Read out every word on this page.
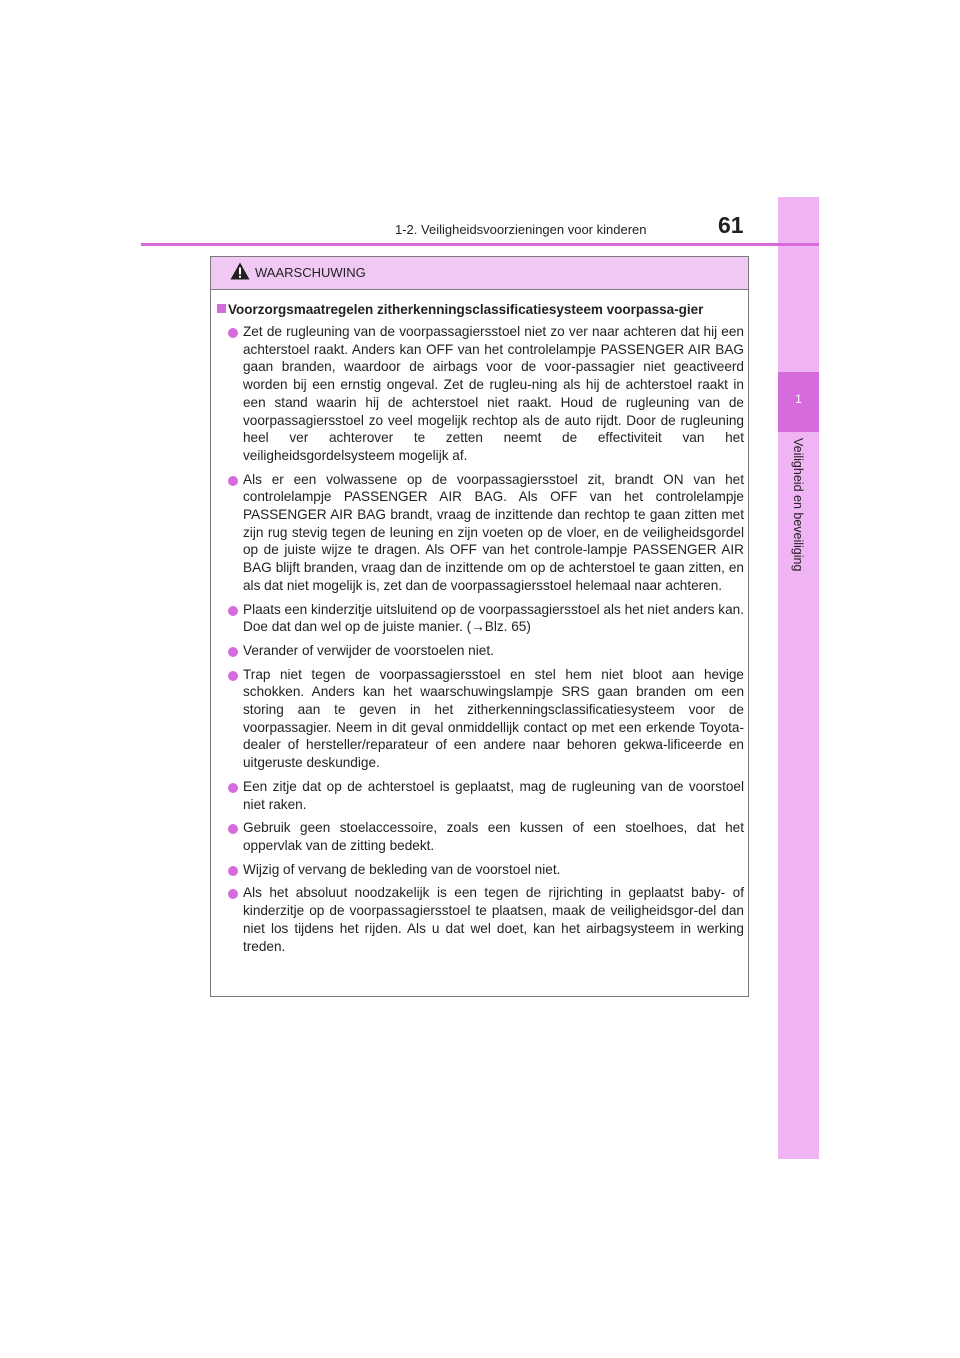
1
Veiligheid en beveiliging
1-2. Veiligheidsvoorzieningen voor kinderen	61
WAARSCHUWING
Voorzorgsmaatregelen zitherkenningsclassificatiesysteem voorpassa-gier
Zet de rugleuning van de voorpassagiersstoel niet zo ver naar achteren dat hij een achterstoel raakt. Anders kan OFF van het controlelampje PASSENGER AIR BAG gaan branden, waardoor de airbags voor de voor-passagier niet geactiveerd worden bij een ernstig ongeval. Zet de rugleu-ning als hij de achterstoel raakt in een stand waarin hij de achterstoel niet raakt. Houd de rugleuning van de voorpassagiersstoel zo veel mogelijk rechtop als de auto rijdt. Door de rugleuning heel ver achterover te zetten neemt de effectiviteit van het veiligheidsgordelsysteem mogelijk af.
Als er een volwassene op de voorpassagiersstoel zit, brandt ON van het controlelampje PASSENGER AIR BAG. Als OFF van het controlelampje PASSENGER AIR BAG brandt, vraag de inzittende dan rechtop te gaan zitten met zijn rug stevig tegen de leuning en zijn voeten op de vloer, en de veiligheidsgordel op de juiste wijze te dragen. Als OFF van het controle-lampje PASSENGER AIR BAG blijft branden, vraag dan de inzittende om op de achterstoel te gaan zitten, en als dat niet mogelijk is, zet dan de voorpassagiersstoel helemaal naar achteren.
Plaats een kinderzitje uitsluitend op de voorpassagiersstoel als het niet anders kan. Doe dat dan wel op de juiste manier. (→Blz. 65)
Verander of verwijder de voorstoelen niet.
Trap niet tegen de voorpassagiersstoel en stel hem niet bloot aan hevige schokken. Anders kan het waarschuwingslampje SRS gaan branden om een storing aan te geven in het zitherkenningsclassificatiesysteem voor de voorpassagier. Neem in dit geval onmiddellijk contact op met een erkende Toyota-dealer of hersteller/reparateur of een andere naar behoren gekwa-lificeerde en uitgeruste deskundige.
Een zitje dat op de achterstoel is geplaatst, mag de rugleuning van de voorstoel niet raken.
Gebruik geen stoelaccessoire, zoals een kussen of een stoelhoes, dat het oppervlak van de zitting bedekt.
Wijzig of vervang de bekleding van de voorstoel niet.
Als het absoluut noodzakelijk is een tegen de rijrichting in geplaatst baby- of kinderzitje op de voorpassagiersstoel te plaatsen, maak de veiligheidsgor-del dan niet los tijdens het rijden. Als u dat wel doet, kan het airbagsysteem in werking treden.
